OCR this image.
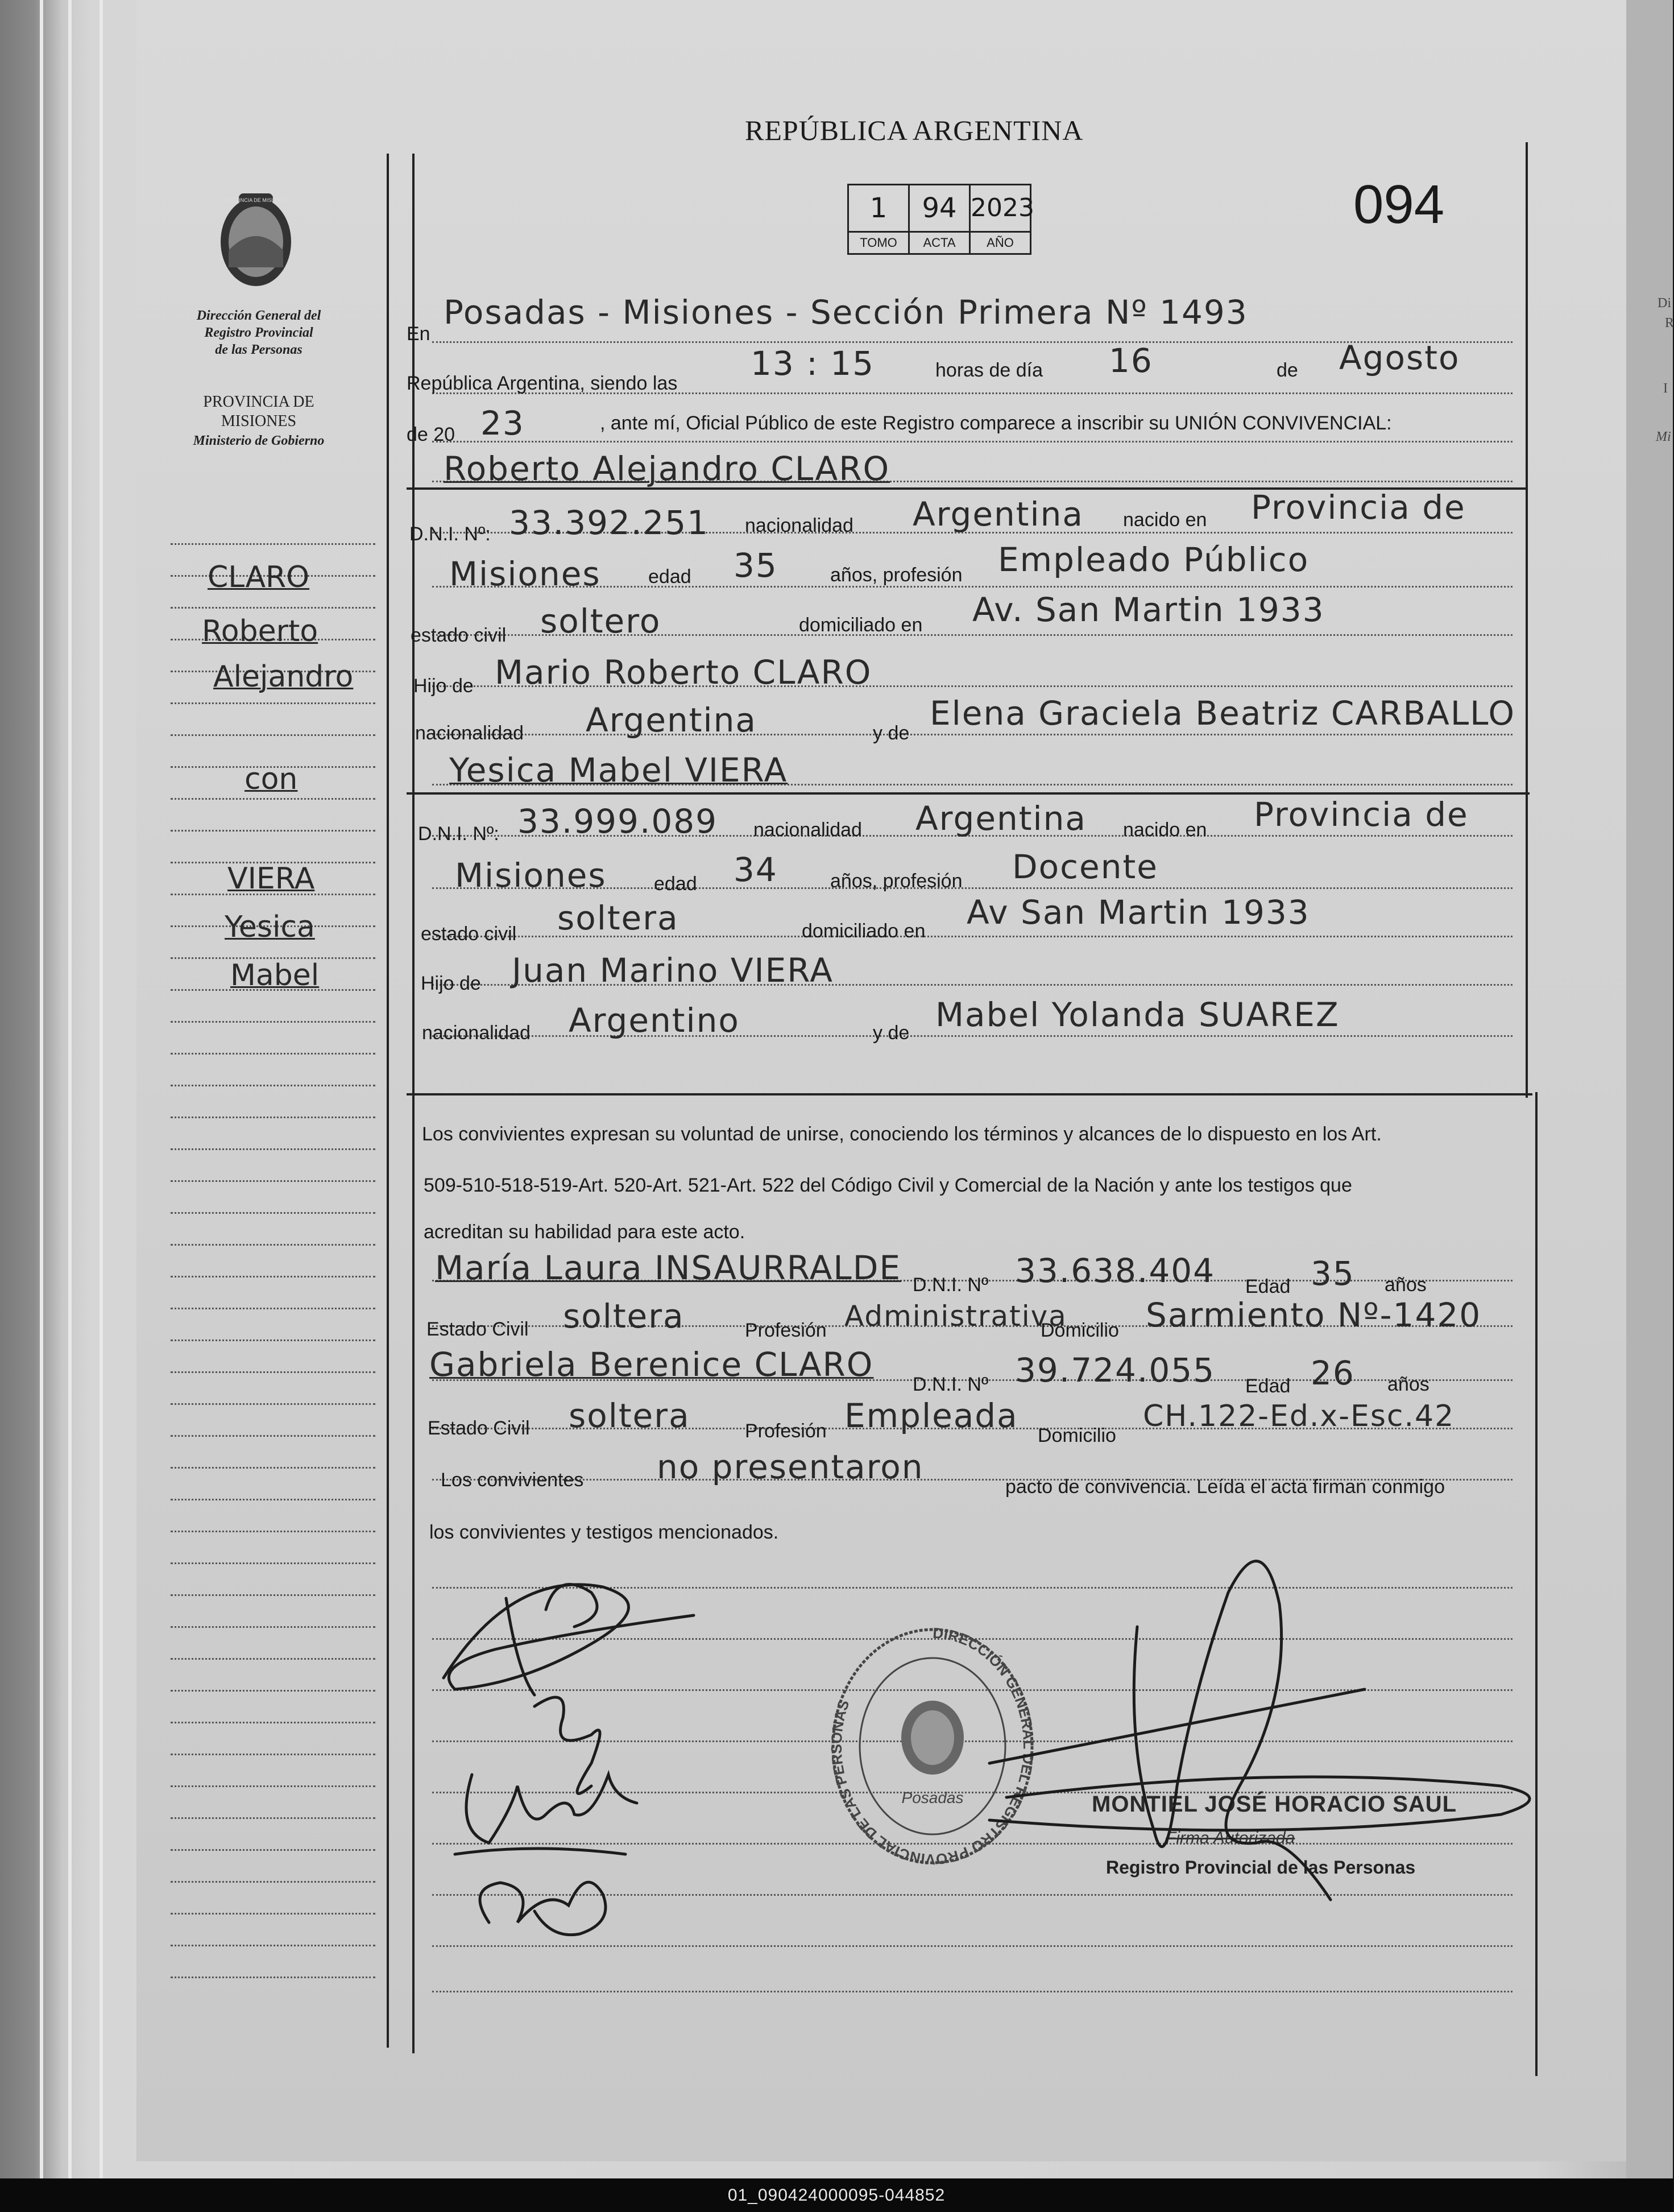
REPÚBLICA ARGENTINA
094
1
TOMO
94
ACTA
2023
AÑO
PROVINCIA DE MISIONES
Dirección General del
Registro Provincial
de las Personas
PROVINCIA DE
MISIONES
Ministerio de Gobierno
CLARO
Roberto
Alejandro
con
VIERA
Yesica
Mabel
En
Posadas - Misiones - Sección Primera Nº 1493
República Argentina, siendo las
13 : 15	horas de día 16	de Agosto
de 20 23	, ante mí, Oficial Público de este Registro comparece a inscribir su UNIÓN CONVIVENCIAL:
Roberto Alejandro CLARO
D.N.I. Nº: 33.392.251 nacionalidad Argentina nacido en Provincia de
Misiones edad 35	años, profesión Empleado Público
estado civil soltero	domiciliado en Av. San Martin 1933
Hijo de Mario Roberto CLARO
nacionalidad Argentina	y de
Elena Graciela Beatriz CARBALLO
Yesica Mabel VIERA
D.N.I. Nº: 33.999.089 nacionalidad Argentina nacido en Provincia de
Misiones edad 34	años, profesión Docente
estado civil soltera	domiciliado en Av San Martin 1933
Hijo de Juan Marino VIERA
nacionalidad Argentino	y de Mabel Yolanda SUAREZ
Los convivientes expresan su voluntad de unirse, conociendo los términos y alcances de lo dispuesto en los Art.
509-510-518-519-Art. 520-Art. 521-Art. 522 del Código Civil y Comercial de la Nación y ante los testigos que
acreditan su habilidad para este acto.
María Laura INSAURRALDE D.N.I. Nº 33.638.404 Edad 35 años
Estado Civil soltera	Profesión Administrativa
Domicilio Sarmiento Nº-1420
Gabriela Berenice CLARO
D.N.I. Nº 39.724.055 Edad 26 años
Estado Civil soltera	Profesión Empleada
Domicilio
CH.122-Ed.x-Esc.42
Los convivientes no presentaron
pacto de convivencia. Leída el acta firman conmigo
los convivientes y testigos mencionados.
DIRECCIÓN GENERAL DEL REGISTRO PROVINCIAL DE LAS PERSONAS
Posadas	MONTIEL JOSÉ HORACIO SAUL
Firma Autorizada
Registro Provincial de las Personas
Di
R
I
Mi
01_090424000095-044852
